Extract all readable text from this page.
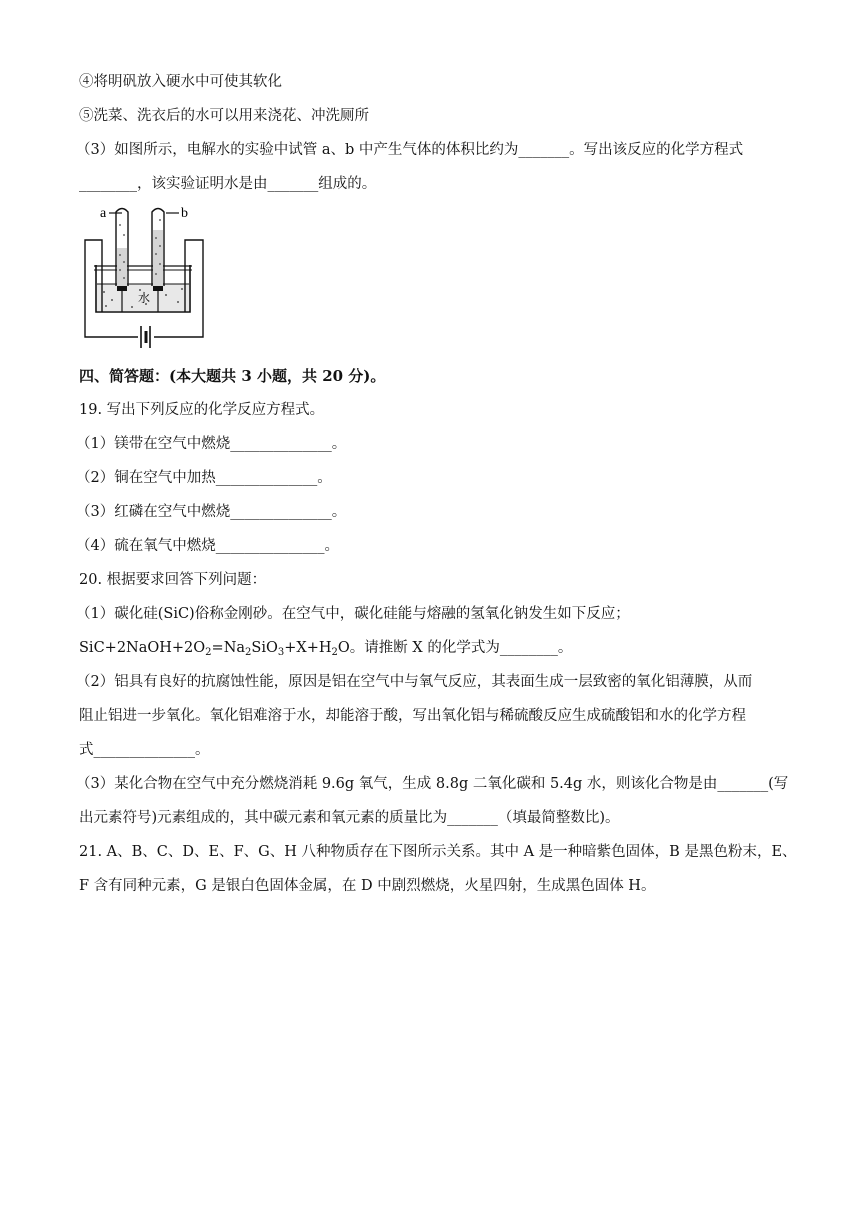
④将明矾放入硬水中可使其软化
⑤洗菜、洗衣后的水可以用来浇花、冲洗厕所
（3）如图所示，电解水的实验中试管 a、b 中产生气体的体积比约为_______。写出该反应的化学方程式
________，该实验证明水是由_______组成的。
a	b
水
四、简答题：(本大题共 3 小题，共 20 分)。
19. 写出下列反应的化学反应方程式。
（1）镁带在空气中燃烧______________。
（2）铜在空气中加热______________。
（3）红磷在空气中燃烧______________。
（4）硫在氧气中燃烧_______________。
20. 根据要求回答下列问题：
（1）碳化硅(SiC)俗称金刚砂。在空气中，碳化硅能与熔融的氢氧化钠发生如下反应；
$SiC+2NaOH+2O_2=Na_2SiO_3+X+H_2O$。请推断 X 的化学式为________。
（2）铝具有良好的抗腐蚀性能，原因是铝在空气中与氧气反应，其表面生成一层致密的氧化铝薄膜，从而
阻止铝进一步氧化。氧化铝难溶于水，却能溶于酸，写出氧化铝与稀硫酸反应生成硫酸铝和水的化学方程
式______________。
（3）某化合物在空气中充分燃烧消耗 9.6g 氧气，生成 8.8g 二氧化碳和 5.4g 水，则该化合物是由_______(写
出元素符号)元素组成的，其中碳元素和氧元素的质量比为_______（填最简整数比)。
21. A、B、C、D、E、F、G、H 八种物质存在下图所示关系。其中 A 是一种暗紫色固体，B 是黑色粉末，E、
F 含有同种元素，G 是银白色固体金属，在 D 中剧烈燃烧，火星四射，生成黑色固体 H。
